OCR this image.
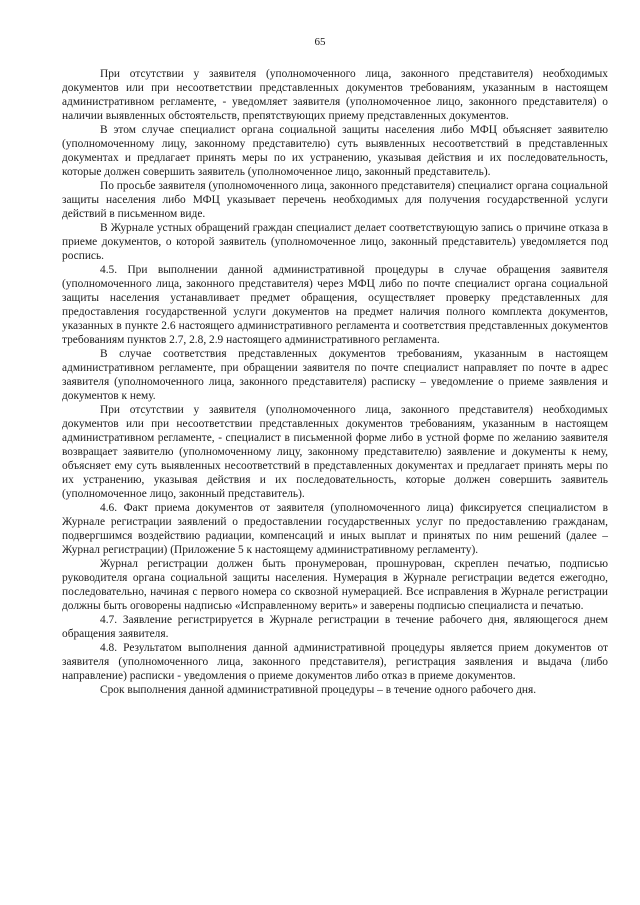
65

При отсутствии у заявителя (уполномоченного лица, законного представителя) необходимых документов или при несоответствии представленных документов требованиям, указанным в настоящем административном регламенте, - уведомляет заявителя (уполномоченное лицо, законного представителя) о наличии выявленных обстоятельств, препятствующих приему представленных документов.

В этом случае специалист органа социальной защиты населения либо МФЦ объясняет заявителю (уполномоченному лицу, законному представителю) суть выявленных несоответствий в представленных документах и предлагает принять меры по их устранению, указывая действия и их последовательность, которые должен совершить заявитель (уполномоченное лицо, законный представитель).

По просьбе заявителя (уполномоченного лица, законного представителя) специалист органа социальной защиты населения либо МФЦ указывает перечень необходимых для получения государственной услуги действий в письменном виде.

В Журнале устных обращений граждан специалист делает соответствующую запись о причине отказа в приеме документов, о которой заявитель (уполномоченное лицо, законный представитель) уведомляется под роспись.

4.5. При выполнении данной административной процедуры в случае обращения заявителя (уполномоченного лица, законного представителя) через МФЦ либо по почте специалист органа социальной защиты населения устанавливает предмет обращения, осуществляет проверку представленных для предоставления государственной услуги документов на предмет наличия полного комплекта документов, указанных в пункте 2.6 настоящего административного регламента и соответствия представленных документов требованиям пунктов 2.7, 2.8, 2.9 настоящего административного регламента.

В случае соответствия представленных документов требованиям, указанным в настоящем административном регламенте, при обращении заявителя по почте специалист направляет по почте в адрес заявителя (уполномоченного лица, законного представителя) расписку – уведомление о приеме заявления и документов к нему.

При отсутствии у заявителя (уполномоченного лица, законного представителя) необходимых документов или при несоответствии представленных документов требованиям, указанным в настоящем административном регламенте, - специалист в письменной форме либо в устной форме по желанию заявителя возвращает заявителю (уполномоченному лицу, законному представителю) заявление и документы к нему, объясняет ему суть выявленных несоответствий в представленных документах и предлагает принять меры по их устранению, указывая действия и их последовательность, которые должен совершить заявитель (уполномоченное лицо, законный представитель).

4.6. Факт приема документов от заявителя (уполномоченного лица) фиксируется специалистом в Журнале регистрации заявлений о предоставлении государственных услуг по предоставлению гражданам, подвергшимся воздействию радиации, компенсаций и иных выплат и принятых по ним решений (далее – Журнал регистрации) (Приложение 5 к настоящему административному регламенту).

Журнал регистрации должен быть пронумерован, прошнурован, скреплен печатью, подписью руководителя органа социальной защиты населения. Нумерация в Журнале регистрации ведется ежегодно, последовательно, начиная с первого номера со сквозной нумерацией. Все исправления в Журнале регистрации должны быть оговорены надписью «Исправленному верить» и заверены подписью специалиста и печатью.

4.7. Заявление регистрируется в Журнале регистрации в течение рабочего дня, являющегося днем обращения заявителя.

4.8. Результатом выполнения данной административной процедуры является прием документов от заявителя (уполномоченного лица, законного представителя), регистрация заявления и выдача (либо направление) расписки - уведомления о приеме документов либо отказ в приеме документов.

Срок выполнения данной административной процедуры – в течение одного рабочего дня.
